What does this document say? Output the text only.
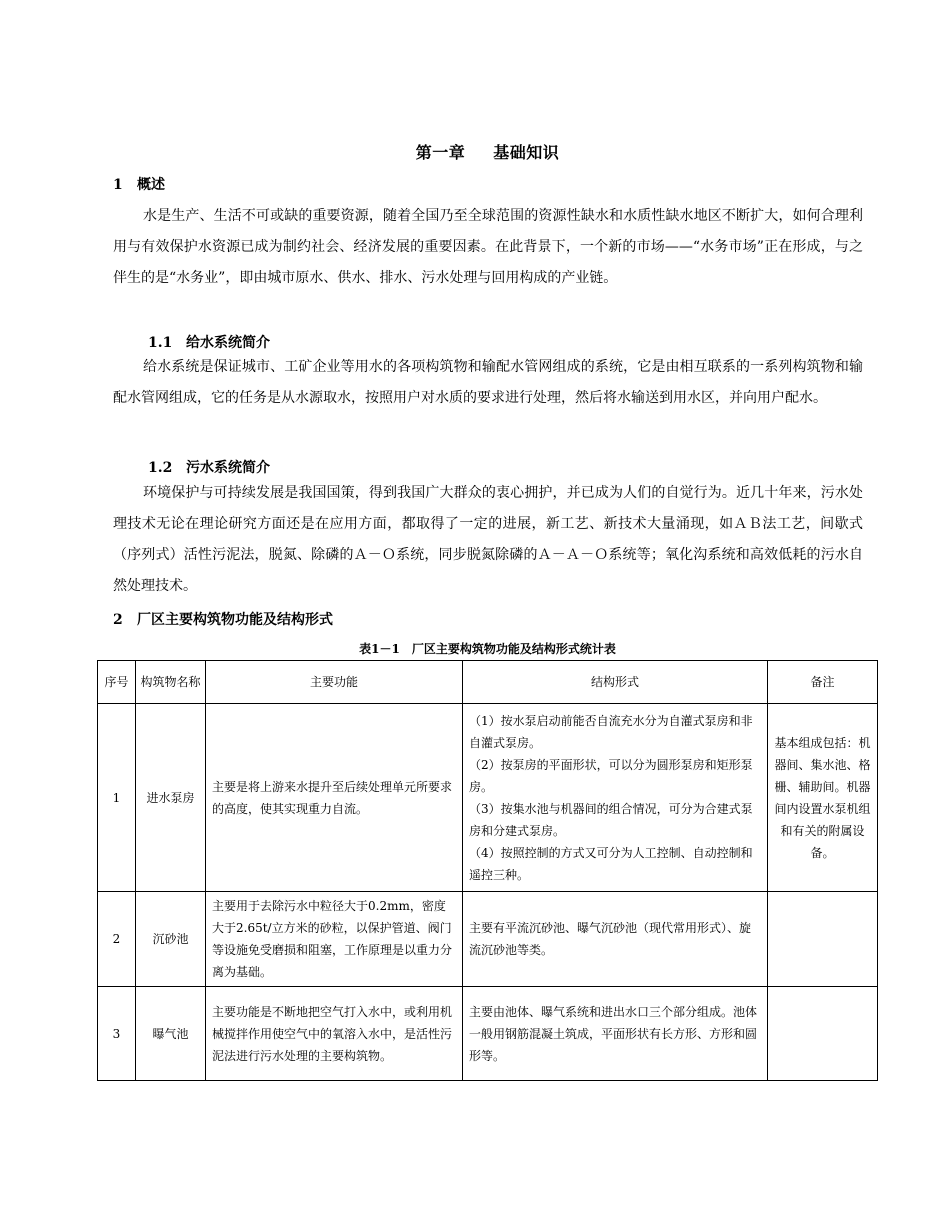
第一章 基础知识
1 概述

水是生产、生活不可或缺的重要资源，随着全国乃至全球范围的资源性缺水和水质性缺水地区不断扩大，如何合理利用与有效保护水资源已成为制约社会、经济发展的重要因素。在此背景下，一个新的市场——“水务市场”正在形成，与之伴生的是“水务业”，即由城市原水、供水、排水、污水处理与回用构成的产业链。

1.1 给水系统简介

给水系统是保证城市、工矿企业等用水的各项构筑物和输配水管网组成的系统，它是由相互联系的一系列构筑物和输配水管网组成，它的任务是从水源取水，按照用户对水质的要求进行处理，然后将水输送到用水区，并向用户配水。

1.2 污水系统简介

环境保护与可持续发展是我国国策，得到我国广大群众的衷心拥护，并已成为人们的自觉行为。近几十年来，污水处理技术无论在理论研究方面还是在应用方面，都取得了一定的进展，新工艺、新技术大量涌现，如ＡＢ法工艺，间歇式（序列式）活性污泥法，脱氮、除磷的Ａ－Ｏ系统，同步脱氮除磷的Ａ－Ａ－Ｏ系统等；氧化沟系统和高效低耗的污水自然处理技术。

2 厂区主要构筑物功能及结构形式
表1－1　厂区主要构筑物功能及结构形式统计表
序号	构筑物名称	主要功能	结构形式	备注
1	进水泵房	主要是将上游来水提升至后续处理单元所要求的高度，使其实现重力自流。	（1）按水泵启动前能否自流充水分为自灌式泵房和非自灌式泵房。
（2）按泵房的平面形状，可以分为圆形泵房和矩形泵房。
（3）按集水池与机器间的组合情况，可分为合建式泵房和分建式泵房。
（4）按照控制的方式又可分为人工控制、自动控制和遥控三种。	基本组成包括：机器间、集水池、格栅、辅助间。机器间内设置水泵机组和有关的附属设备。
2	沉砂池	主要用于去除污水中粒径大于0.2mm，密度大于2.65t/立方米的砂粒，以保护管道、阀门等设施免受磨损和阻塞，工作原理是以重力分离为基础。	主要有平流沉砂池、曝气沉砂池（现代常用形式）、旋流沉砂池等类。	

3	曝气池	主要功能是不断地把空气打入水中，或利用机械搅拌作用使空气中的氧溶入水中，是活性污泥法进行污水处理的主要构筑物。	主要由池体、曝气系统和进出水口三个部分组成。池体一般用钢筋混凝土筑成，平面形状有长方形、方形和圆形等。	
